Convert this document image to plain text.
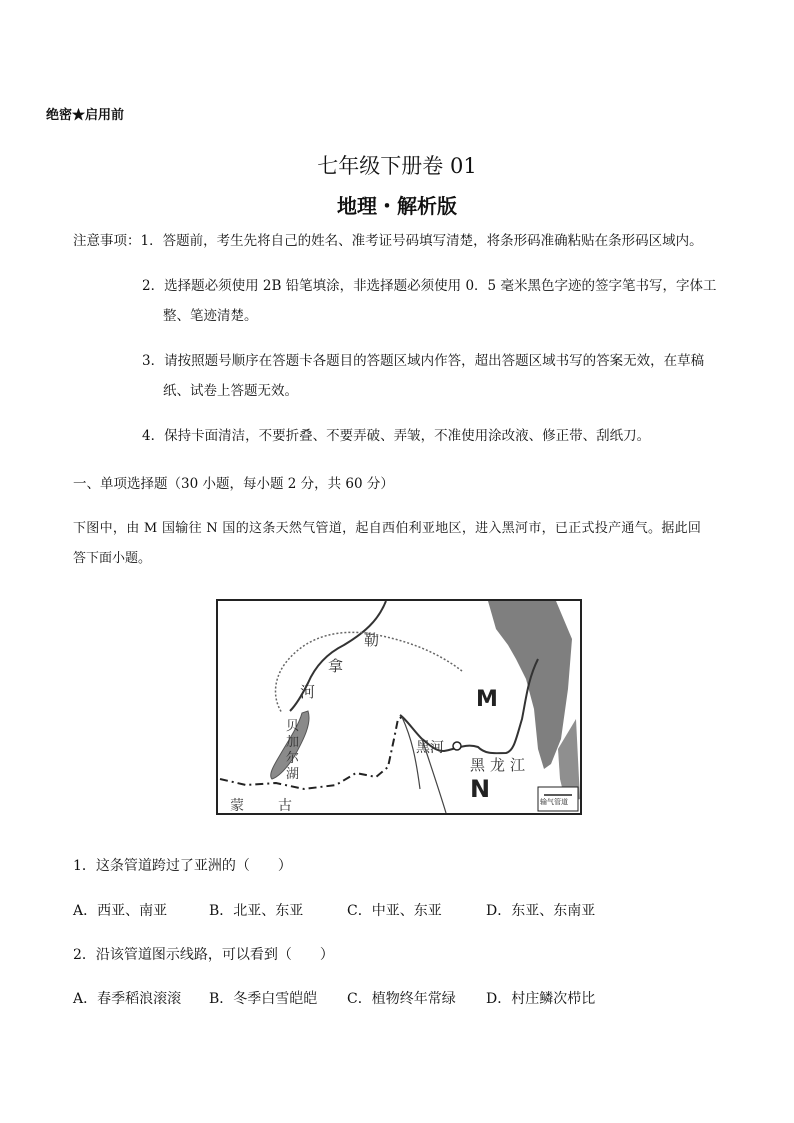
绝密★启用前
七年级下册卷 01
地理・解析版
注意事项：1．答题前，考生先将自己的姓名、准考证号码填写清楚，将条形码准确粘贴在条形码区域内。
2．选择题必须使用 2B 铅笔填涂，非选择题必须使用 0．5 毫米黑色字迹的签字笔书写，字体工
整、笔迹清楚。
3．请按照题号顺序在答题卡各题目的答题区域内作答，超出答题区域书写的答案无效，在草稿
纸、试卷上答题无效。
4．保持卡面清洁，不要折叠、不要弄破、弄皱，不准使用涂改液、修正带、刮纸刀。
一、单项选择题（30 小题，每小题 2 分，共 60 分）
下图中，由 M 国输往 N 国的这条天然气管道，起自西伯利亚地区，进入黑河市，已正式投产通气。据此回
答下面小题。
M
N
黑河
黑 龙 江
勒
拿
河
贝
加
尔
湖
蒙 古	输气管道
1．这条管道跨过了亚洲的（　　）
A．西亚、南亚	B．北亚、东亚	C．中亚、东亚	D．东亚、东南亚
2．沿该管道图示线路，可以看到（　　）
A．春季稻浪滚滚 B．冬季白雪皑皑 C．植物终年常绿 D．村庄鳞次栉比
